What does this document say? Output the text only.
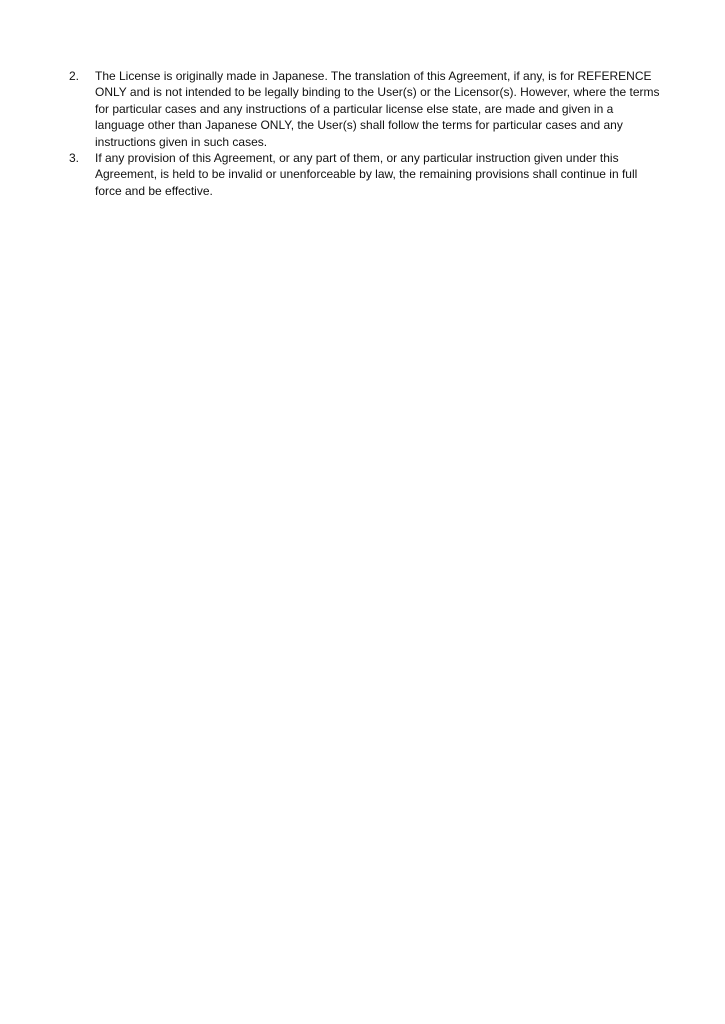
2.	The License is originally made in Japanese. The translation of this Agreement, if any, is for REFERENCE ONLY and is not intended to be legally binding to the User(s) or the Licensor(s). However, where the terms for particular cases and any instructions of a particular license else state, are made and given in a language other than Japanese ONLY, the User(s) shall follow the terms for particular cases and any instructions given in such cases.
3.	If any provision of this Agreement, or any part of them, or any particular instruction given under this Agreement, is held to be invalid or unenforceable by law, the remaining provisions shall continue in full force and be effective.
